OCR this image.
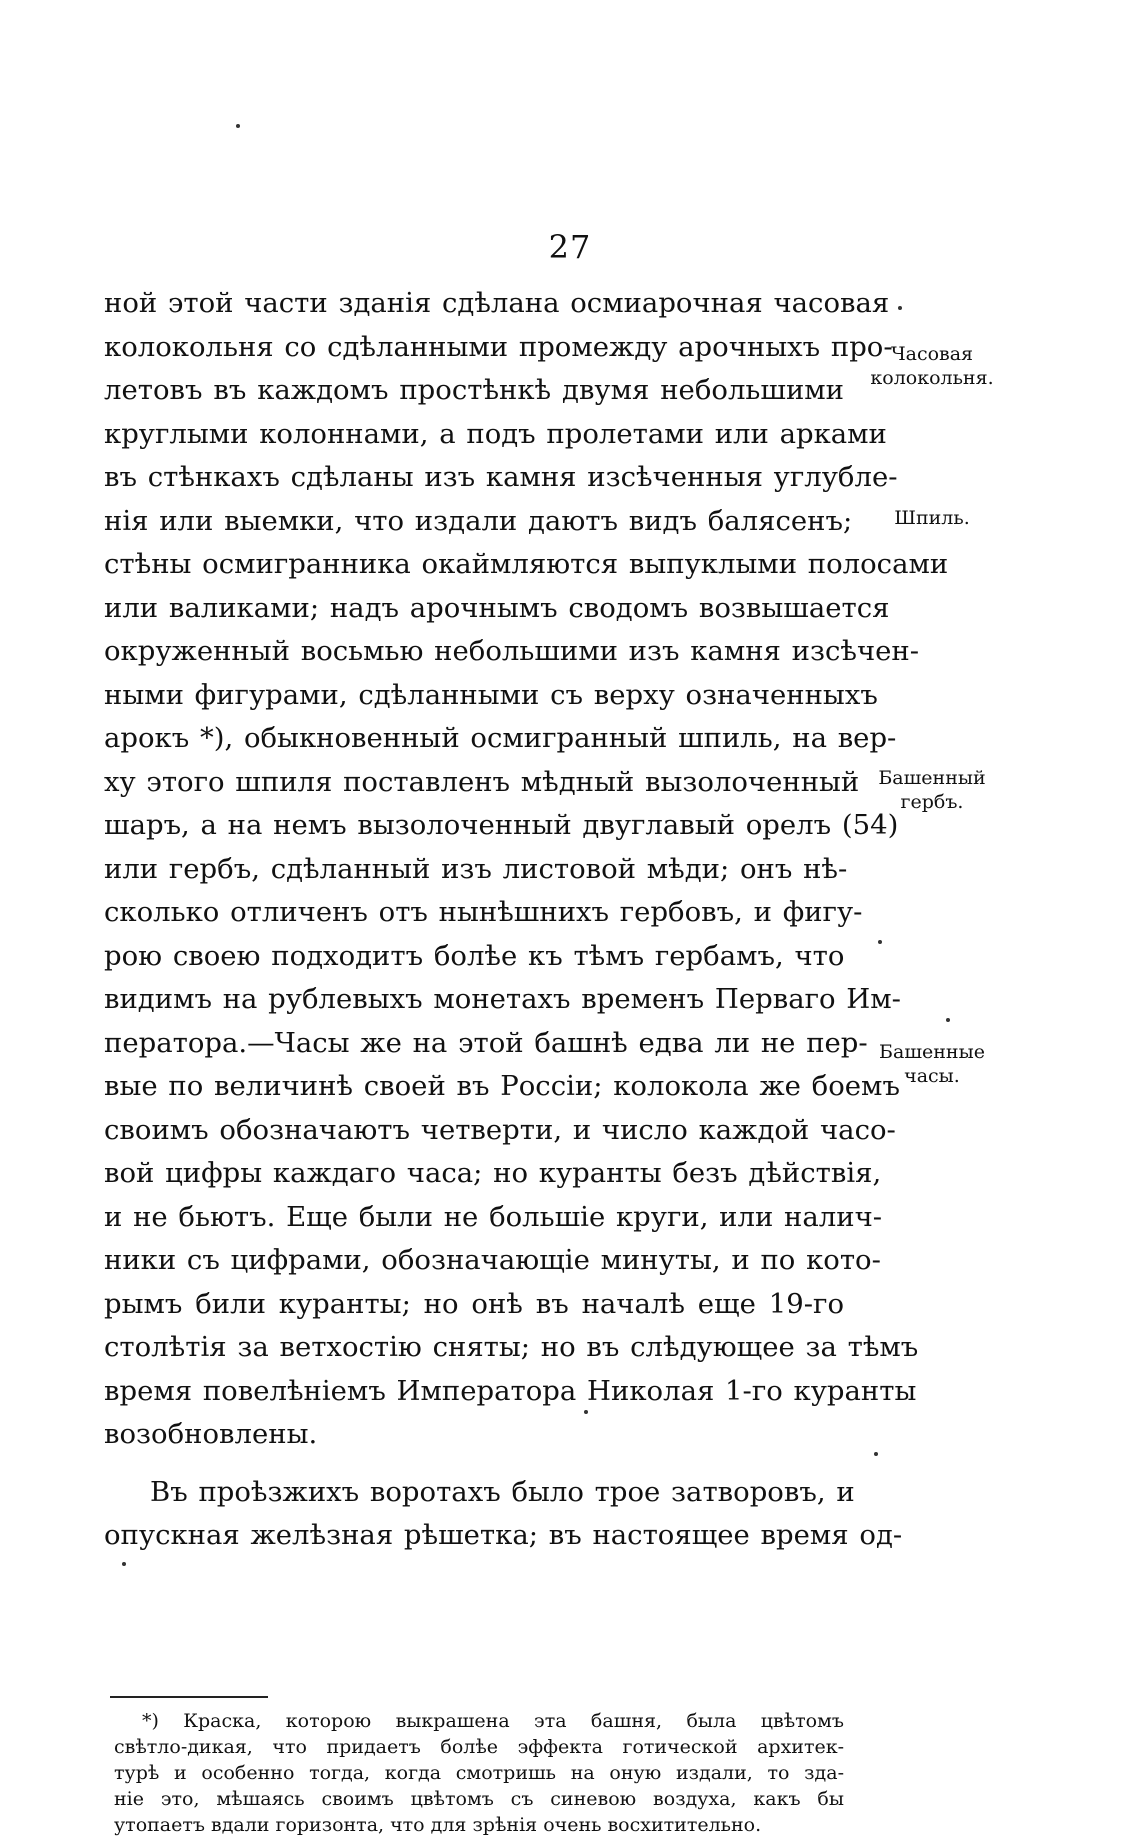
27
ной этой части зданія сдѣлана осмиарочная часовая
колокольня со сдѣланными промежду арочныхъ про-
летовъ въ каждомъ простѣнкѣ двумя небольшими
круглыми колоннами, а подъ пролетами или арками
въ стѣнкахъ сдѣланы изъ камня изсѣченныя углубле-
нія или выемки, что издали даютъ видъ балясенъ;
стѣны осмигранника окаймляются выпуклыми полосами
или валиками; надъ арочнымъ сводомъ возвышается
окруженный восьмью небольшими изъ камня изсѣчен-
ными фигурами, сдѣланными съ верху означенныхъ
арокъ *), обыкновенный осмигранный шпиль, на вер-
ху этого шпиля поставленъ мѣдный вызолоченный
шаръ, а на немъ вызолоченный двуглавый орелъ (54)
или гербъ, сдѣланный изъ листовой мѣди; онъ нѣ-
сколько отличенъ отъ нынѣшнихъ гербовъ, и фигу-
рою своею подходитъ болѣе къ тѣмъ гербамъ, что
видимъ на рублевыхъ монетахъ временъ Перваго Им-
ператора.—Часы же на этой башнѣ едва ли не пер-
вые по величинѣ своей въ Россіи; колокола же боемъ
своимъ обозначаютъ четверти, и число каждой часо-
вой цифры каждаго часа; но куранты безъ дѣйствія,
и не бьютъ. Еще были не большіе круги, или налич-
ники съ цифрами, обозначающіе минуты, и по кото-
рымъ били куранты; но онѣ въ началѣ еще 19-го
столѣтія за ветхостію сняты; но въ слѣдующее за тѣмъ
время повелѣніемъ Императора Николая 1-го куранты
возобновлены.
Въ проѣзжихъ воротахъ было трое затворовъ, и
опускная желѣзная рѣшетка; въ настоящее время од-
Часовая колокольня.
Шпиль.
Башенный гербъ.
Башенные часы.
*) Краска, которою выкрашена эта башня, была цвѣтомъ
свѣтло-дикая, что придаетъ болѣе эффекта готической архитек-
турѣ и особенно тогда, когда смотришь на оную издали, то зда-
ніе это, мѣшаясь своимъ цвѣтомъ съ синевою воздуха, какъ бы
утопаетъ вдали горизонта, что для зрѣнія очень восхитительно.
